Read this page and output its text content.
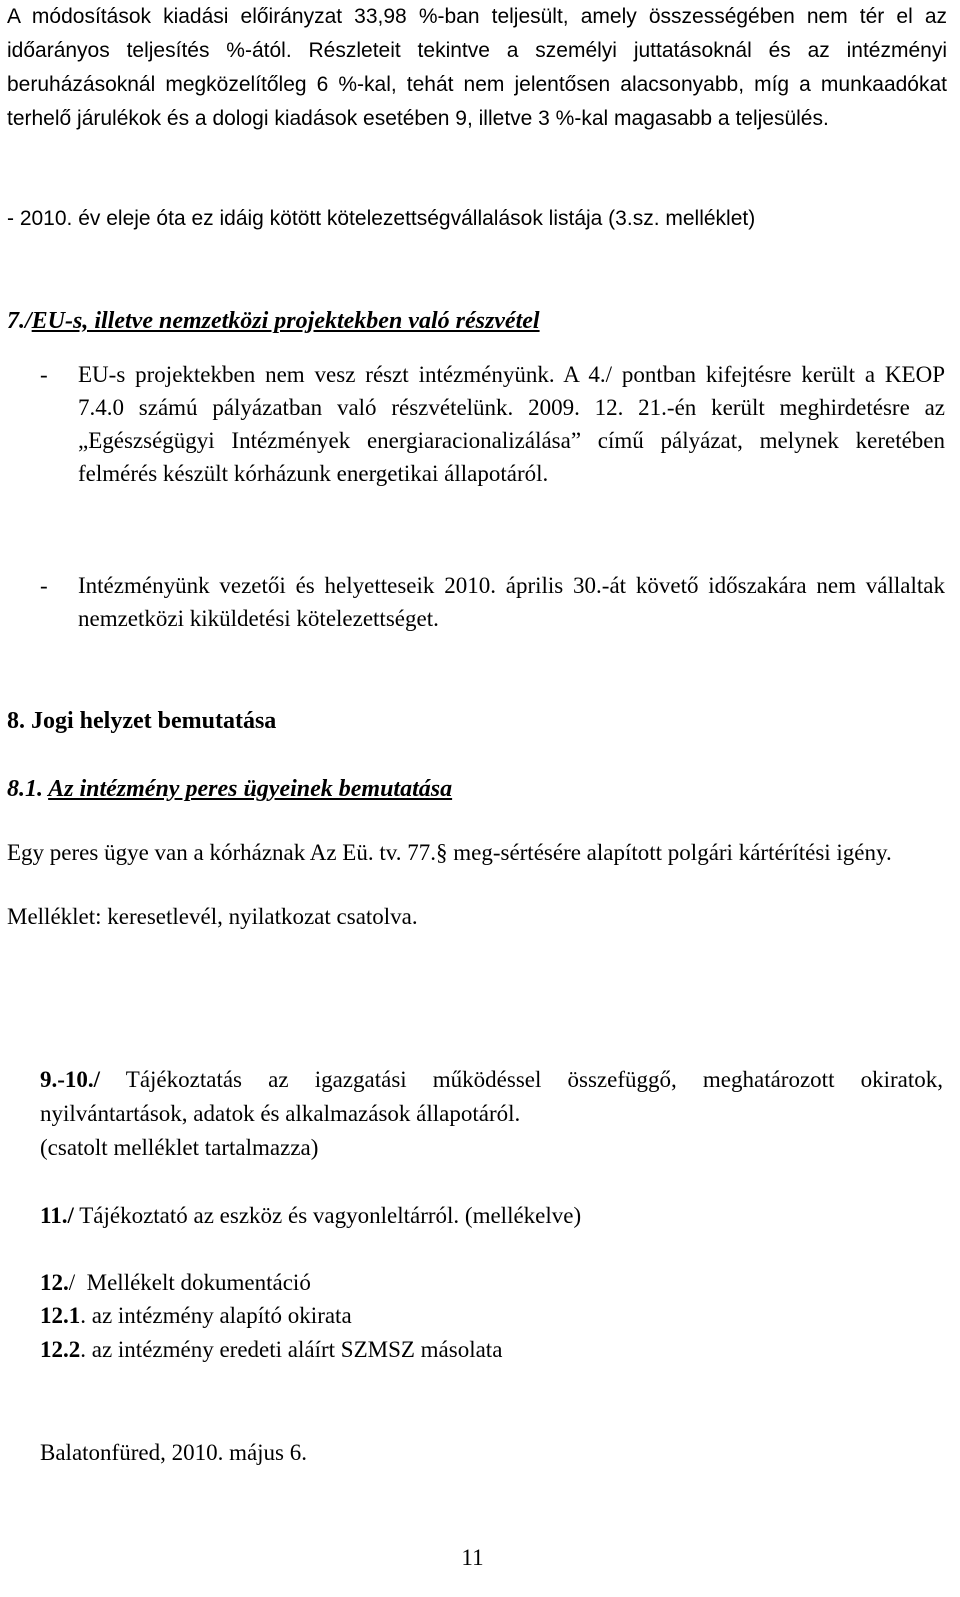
A módosítások kiadási előirányzat 33,98 %-ban teljesült, amely összességében nem tér el az időarányos teljesítés %-ától. Részleteit tekintve a személyi juttatásoknál és az intézményi beruházásoknál megközelítőleg 6 %-kal, tehát nem jelentősen alacsonyabb, míg a munkaadókat terhelő járulékok és a dologi kiadások esetében 9, illetve 3 %-kal magasabb a teljesülés.

- 2010. év eleje óta ez idáig kötött kötelezettségvállalások listája (3.sz. melléklet)

7./EU-s, illetve nemzetközi projektekben való részvétel
- EU-s projektekben nem vesz részt intézményünk. A 4./ pontban kifejtésre került a KEOP 7.4.0 számú pályázatban való részvételünk. 2009. 12. 21.-én került meghirdetésre az „Egészségügyi Intézmények energiaracionalizálása” című pályázat, melynek keretében felmérés készült kórházunk energetikai állapotáról.
- Intézményünk vezetői és helyetteseik 2010. április 30.-át követő időszakára nem vállaltak nemzetközi kiküldetési kötelezettséget.
8. Jogi helyzet bemutatása
8.1. Az intézmény peres ügyeinek bemutatása

Egy peres ügye van a kórháznak Az Eü. tv. 77.§ meg-sértésére alapított polgári kártérítési igény.

Melléklet: keresetlevél, nyilatkozat csatolva.

9.-10./ Tájékoztatás az igazgatási működéssel összefüggő, meghatározott okiratok, nyilvántartások, adatok és alkalmazások állapotáról.
(csatolt melléklet tartalmazza)
11./ Tájékoztató az eszköz és vagyonleltárról. (mellékelve)
12./  Mellékelt dokumentáció
12.1. az intézmény alapító okirata
12.2. az intézmény eredeti aláírt SZMSZ másolata
Balatonfüred, 2010. május 6.
11
